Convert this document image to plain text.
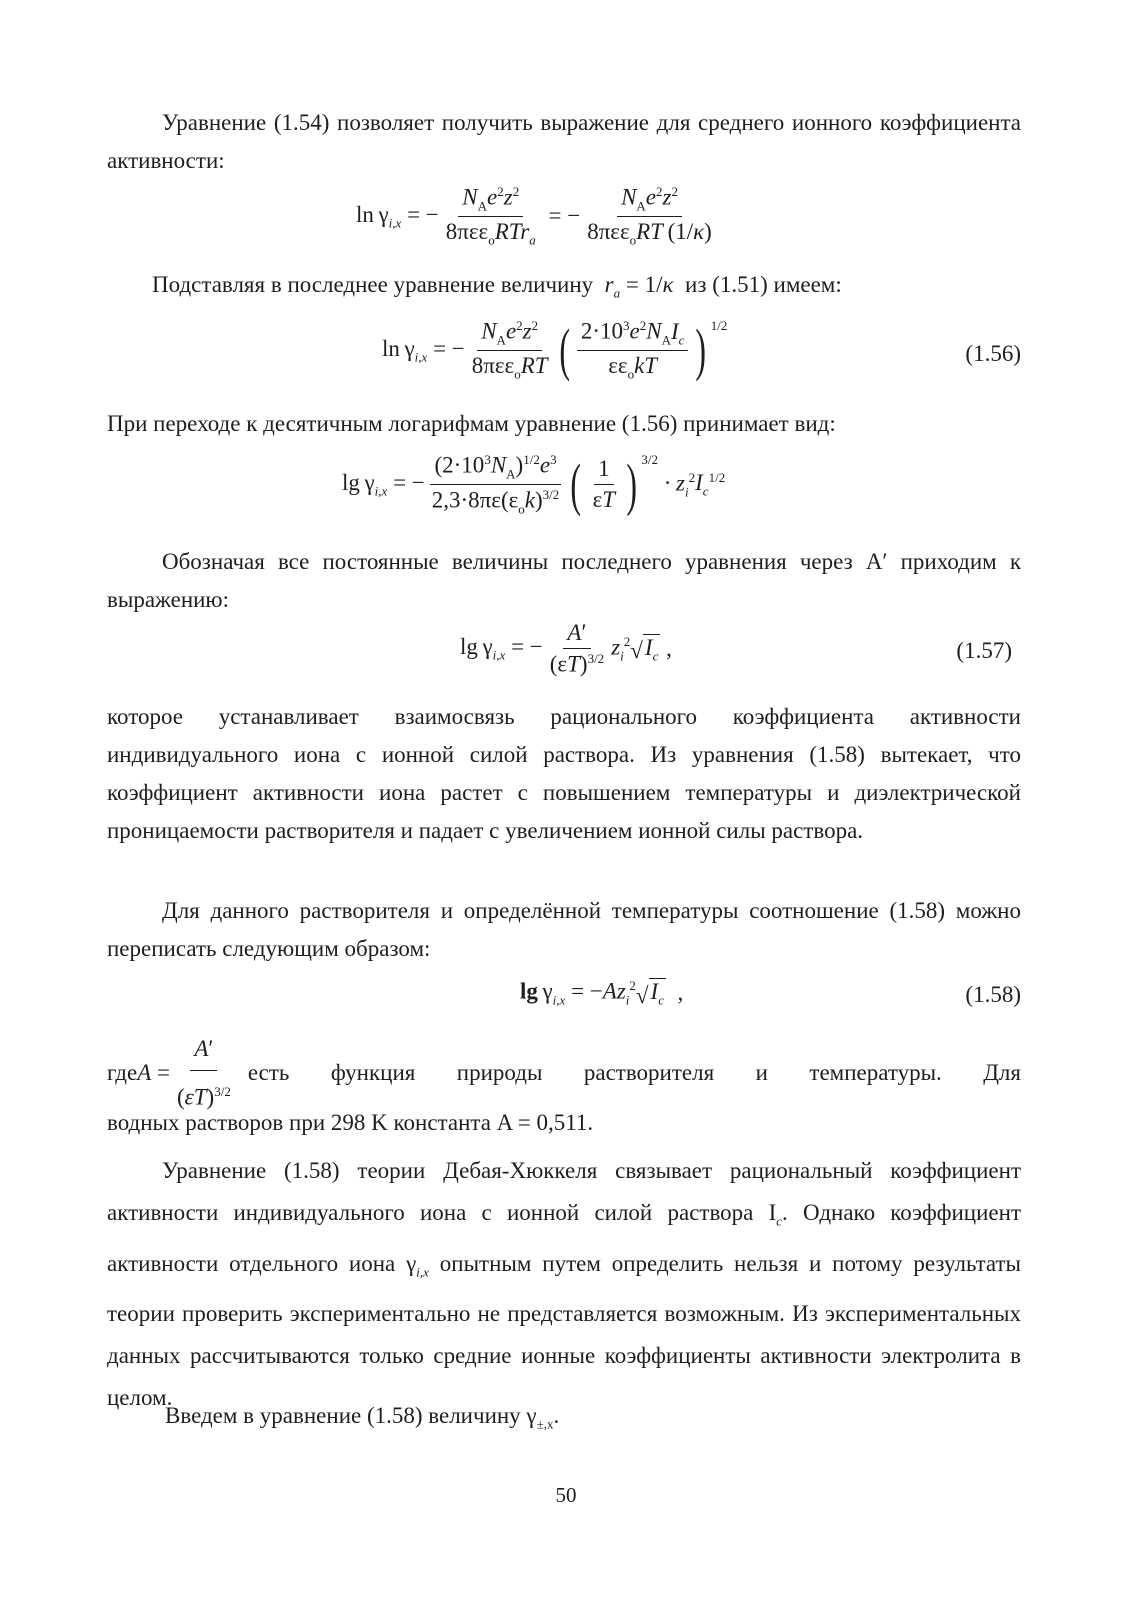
Уравнение (1.54) позволяет получить выражение для среднего ионного коэффициента активности:

$\ln \gamma_{i,x}$ = − $\frac{N_Ae^2z^2}{8\pi\varepsilon\varepsilon_oRTr_a}$ = − $\frac{N_Ae^2z^2}{8\pi\varepsilon\varepsilon_oRT (1/\kappa)}$

Подставляя в последнее уравнение величину  $r_a = 1/\kappa$ из (1.51) имеем:

$\ln \gamma_{i,x}$ = − $\frac{N_Ae^2z^2}{8\pi\varepsilon\varepsilon_oRT}$ ( $\frac{2\cdot 10^3e^2N_AI_c}{\varepsilon\varepsilon_okT}$ ) $^{1/2}$
(1.56)

При переходе к десятичным логарифмам уравнение (1.56) принимает вид:

$\lg \gamma_{i,x}$ = − $\frac{(2\cdot 10^3N_A)^{1/2}e^3}{2,3\cdot 8\pi\varepsilon(\varepsilon_ok)^{3/2}}$ ( $\frac{1}{\varepsilon T}$ ) $^{3/2}$
· $z_i^2I_c^{1/2}$

Обозначая все постоянные величины последнего уравнения через A′ приходим к выражению:

$\lg \gamma_{i,x}$ = − $\frac{A'}{(\varepsilon T)^{3/2}} z_i^2$ √ $I_c$ ,	(1.57)

которое устанавливает взаимосвязь рационального коэффициента активности индивидуального иона с ионной силой раствора. Из уравнения (1.58) вытекает, что коэффициент активности иона растет с повышением температуры и диэлектрической проницаемости растворителя и падает с увеличением ионной силы раствора.

Для данного растворителя и определённой температуры соотношение (1.58) можно переписать следующим образом:

$\lg \gamma_{i,x} = -Az_i^2$ √ $I_c$ ,	(1.58)
где $A = \frac{A'}{(\varepsilon T)^{3/2}}$ есть функция природы растворителя и температуры. Для

водных растворов при 298 K константа A = 0,511.

Уравнение (1.58) теории Дебая-Хюккеля связывает рациональный коэффициент активности индивидуального иона с ионной силой раствора $I_c$. Однако коэффициент активности отдельного иона $\gamma_{i,x}$ опытным путем определить нельзя и потому результаты теории проверить экспериментально не представляется возможным. Из экспериментальных данных рассчитываются только средние ионные коэффициенты активности электролита в целом.

Введем в уравнение (1.58) величину $\gamma_{\pm,x}$.

50
